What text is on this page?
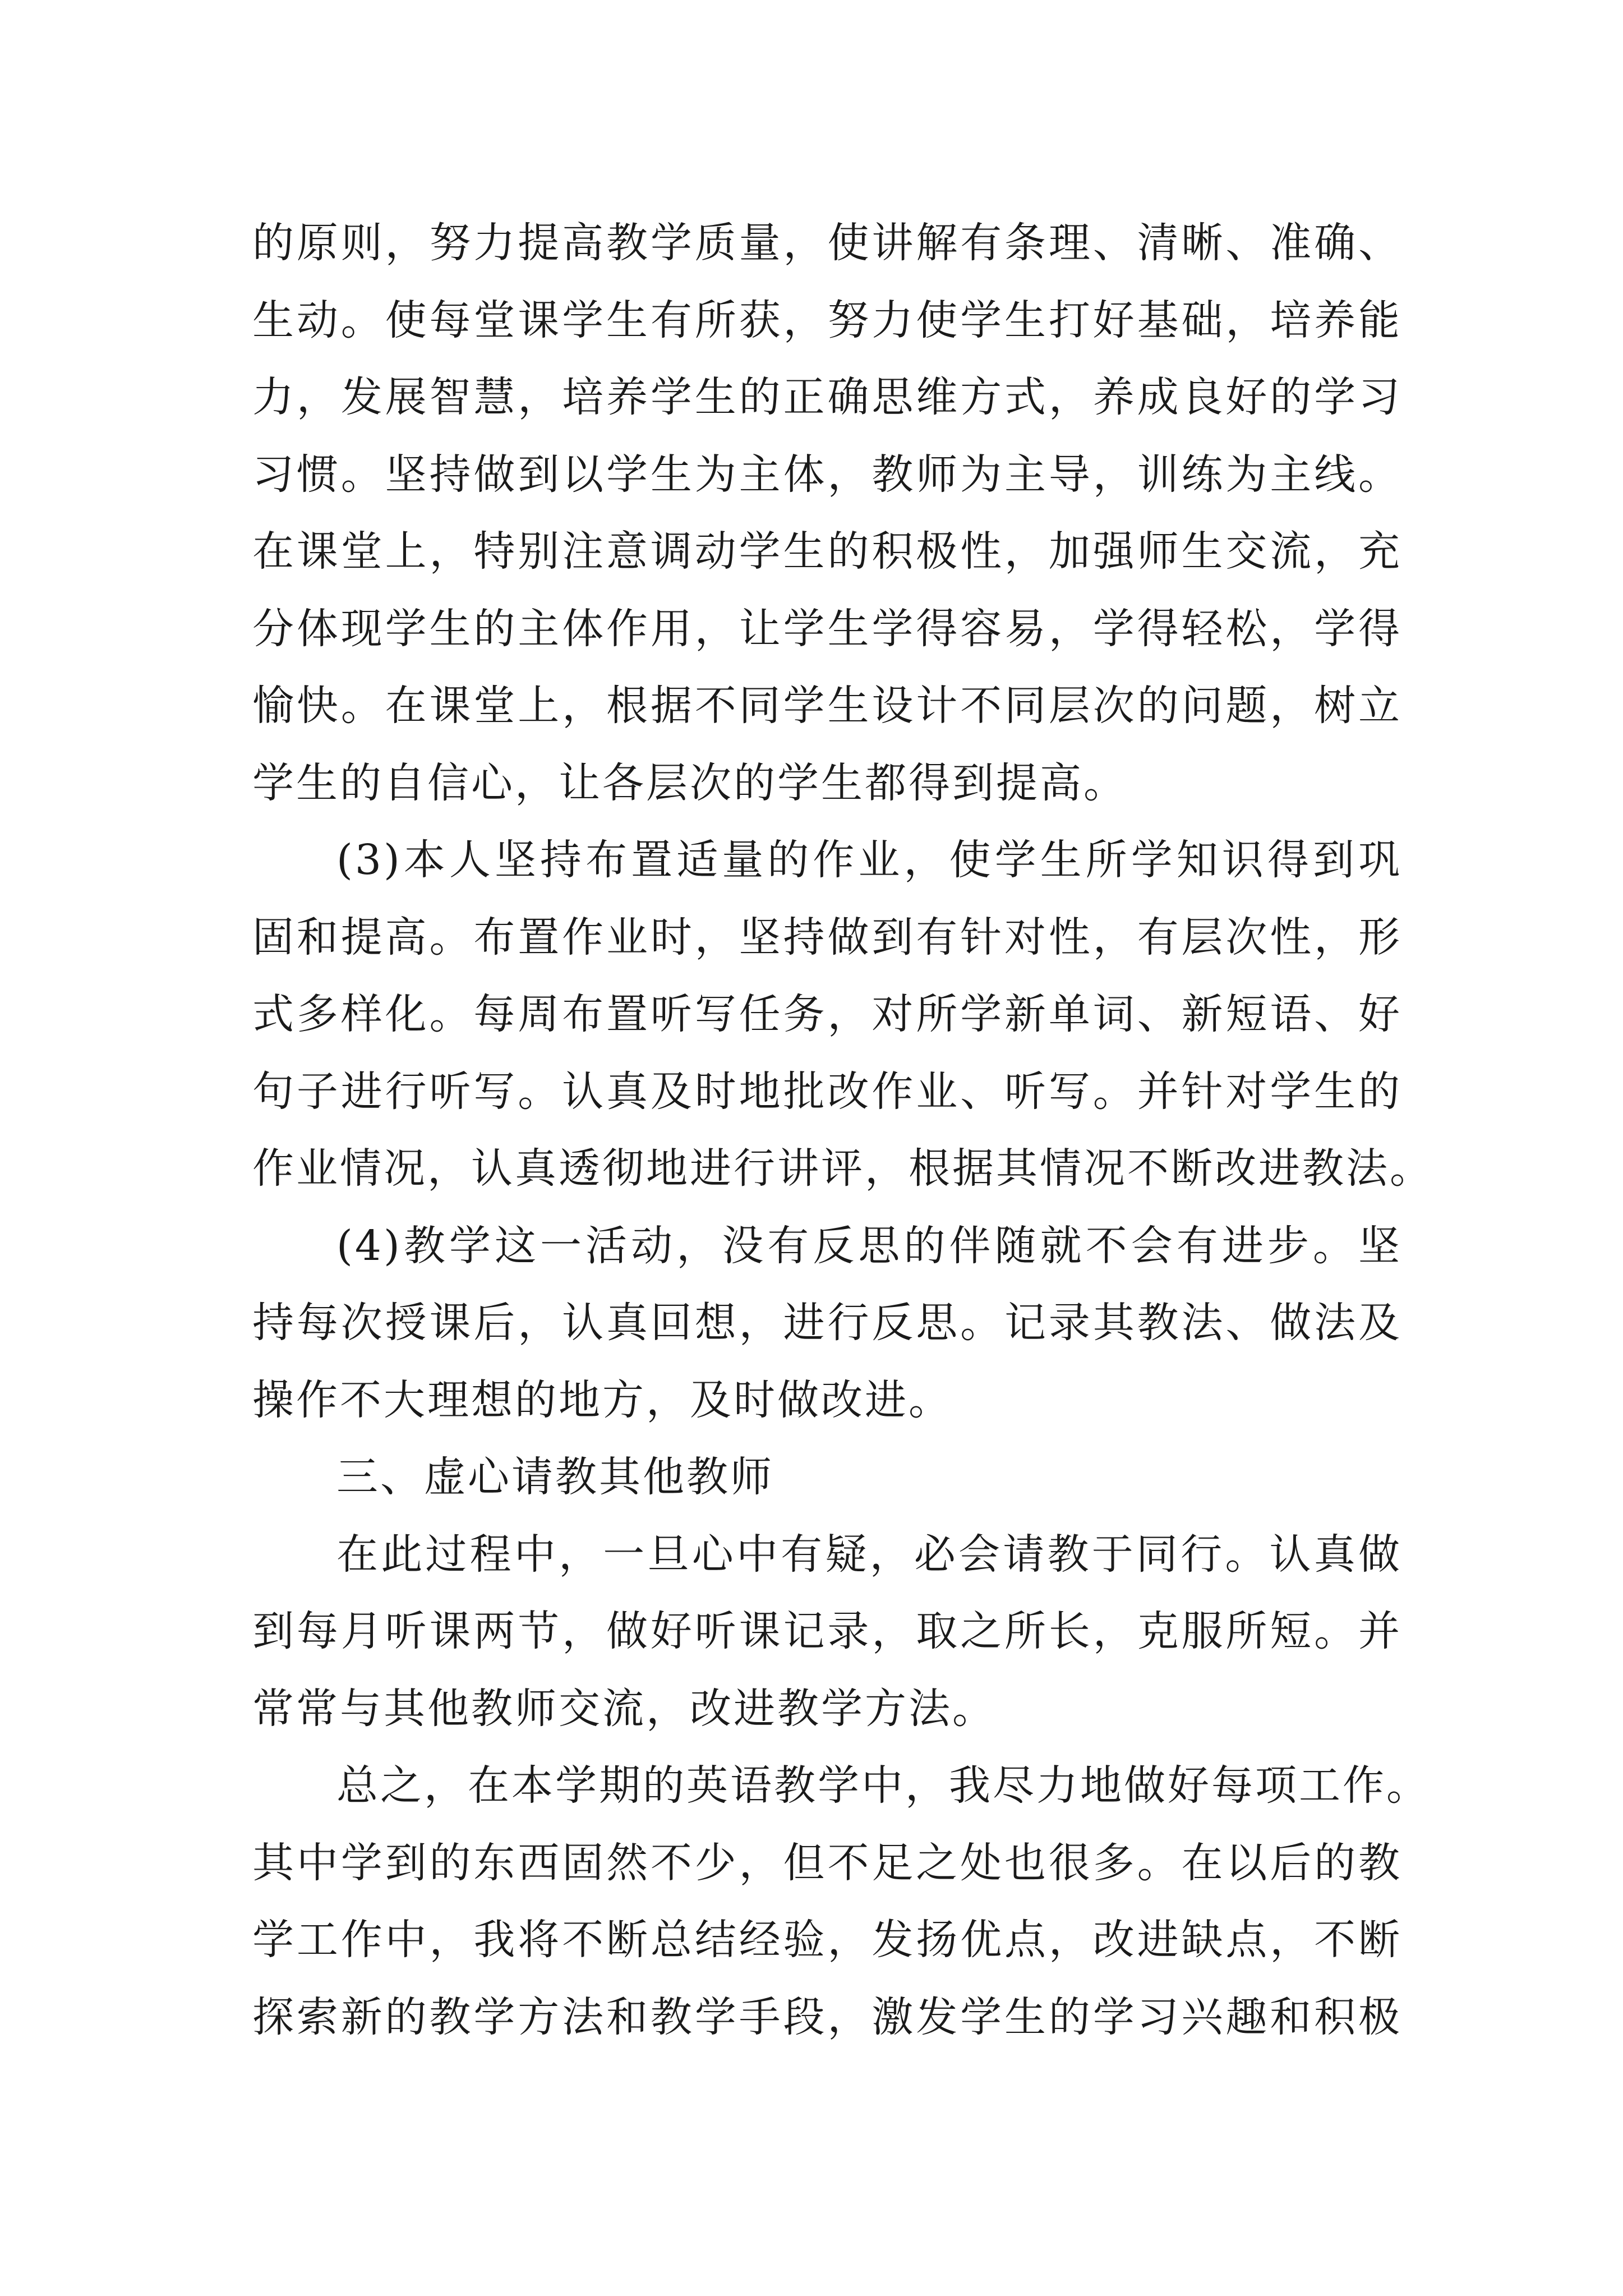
的原则，努力提高教学质量，使讲解有条理、清晰、准确、
生动。使每堂课学生有所获，努力使学生打好基础，培养能
力，发展智慧，培养学生的正确思维方式，养成良好的学习
习惯。坚持做到以学生为主体，教师为主导，训练为主线。
在课堂上，特别注意调动学生的积极性，加强师生交流，充
分体现学生的主体作用，让学生学得容易，学得轻松，学得
愉快。在课堂上，根据不同学生设计不同层次的问题，树立
学生的自信心，让各层次的学生都得到提高。
(3)本人坚持布置适量的作业，使学生所学知识得到巩
固和提高。布置作业时，坚持做到有针对性，有层次性，形
式多样化。每周布置听写任务，对所学新单词、新短语、好
句子进行听写。认真及时地批改作业、听写。并针对学生的
作业情况，认真透彻地进行讲评，根据其情况不断改进教法。
(4)教学这一活动，没有反思的伴随就不会有进步。坚
持每次授课后，认真回想，进行反思。记录其教法、做法及
操作不大理想的地方，及时做改进。
三、虚心请教其他教师
在此过程中，一旦心中有疑，必会请教于同行。认真做
到每月听课两节，做好听课记录，取之所长，克服所短。并
常常与其他教师交流，改进教学方法。
总之，在本学期的英语教学中，我尽力地做好每项工作。
其中学到的东西固然不少，但不足之处也很多。在以后的教
学工作中，我将不断总结经验，发扬优点，改进缺点，不断
探索新的教学方法和教学手段，激发学生的学习兴趣和积极
